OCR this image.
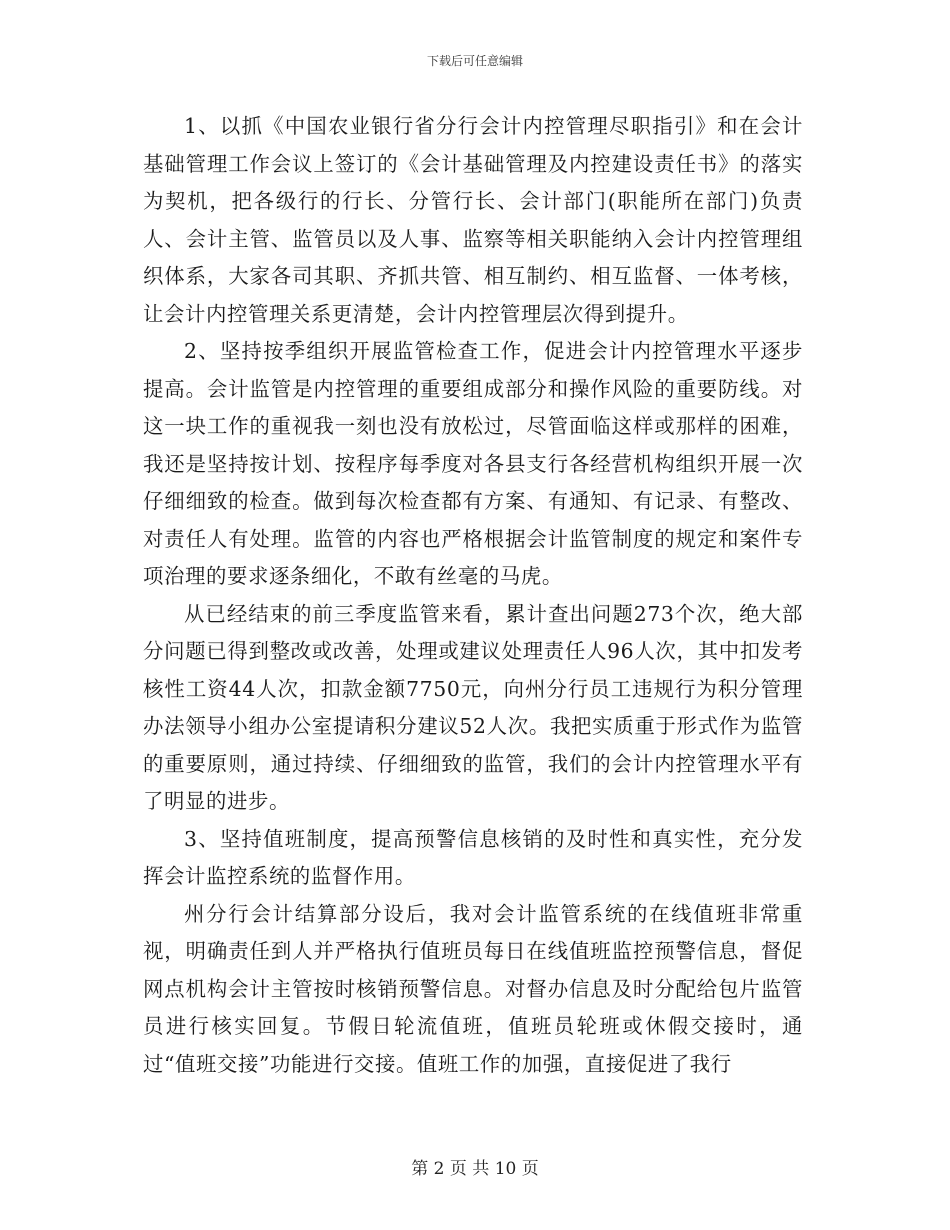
下载后可任意编辑

1、以抓《中国农业银行省分行会计内控管理尽职指引》和在会计基础管理工作会议上签订的《会计基础管理及内控建设责任书》的落实为契机，把各级行的行长、分管行长、会计部门(职能所在部门)负责人、会计主管、监管员以及人事、监察等相关职能纳入会计内控管理组织体系，大家各司其职、齐抓共管、相互制约、相互监督、一体考核，让会计内控管理关系更清楚，会计内控管理层次得到提升。

2、坚持按季组织开展监管检查工作，促进会计内控管理水平逐步提高。会计监管是内控管理的重要组成部分和操作风险的重要防线。对这一块工作的重视我一刻也没有放松过，尽管面临这样或那样的困难，我还是坚持按计划、按程序每季度对各县支行各经营机构组织开展一次仔细细致的检查。做到每次检查都有方案、有通知、有记录、有整改、对责任人有处理。监管的内容也严格根据会计监管制度的规定和案件专项治理的要求逐条细化，不敢有丝毫的马虎。

从已经结束的前三季度监管来看，累计查出问题273个次，绝大部分问题已得到整改或改善，处理或建议处理责任人96人次，其中扣发考核性工资44人次，扣款金额7750元，向州分行员工违规行为积分管理办法领导小组办公室提请积分建议52人次。我把实质重于形式作为监管的重要原则，通过持续、仔细细致的监管，我们的会计内控管理水平有了明显的进步。

3、坚持值班制度，提高预警信息核销的及时性和真实性，充分发挥会计监控系统的监督作用。

州分行会计结算部分设后，我对会计监管系统的在线值班非常重视，明确责任到人并严格执行值班员每日在线值班监控预警信息，督促网点机构会计主管按时核销预警信息。对督办信息及时分配给包片监管员进行核实回复。节假日轮流值班，值班员轮班或休假交接时，通过“值班交接”功能进行交接。值班工作的加强，直接促进了我行

第 2 页 共 10 页
